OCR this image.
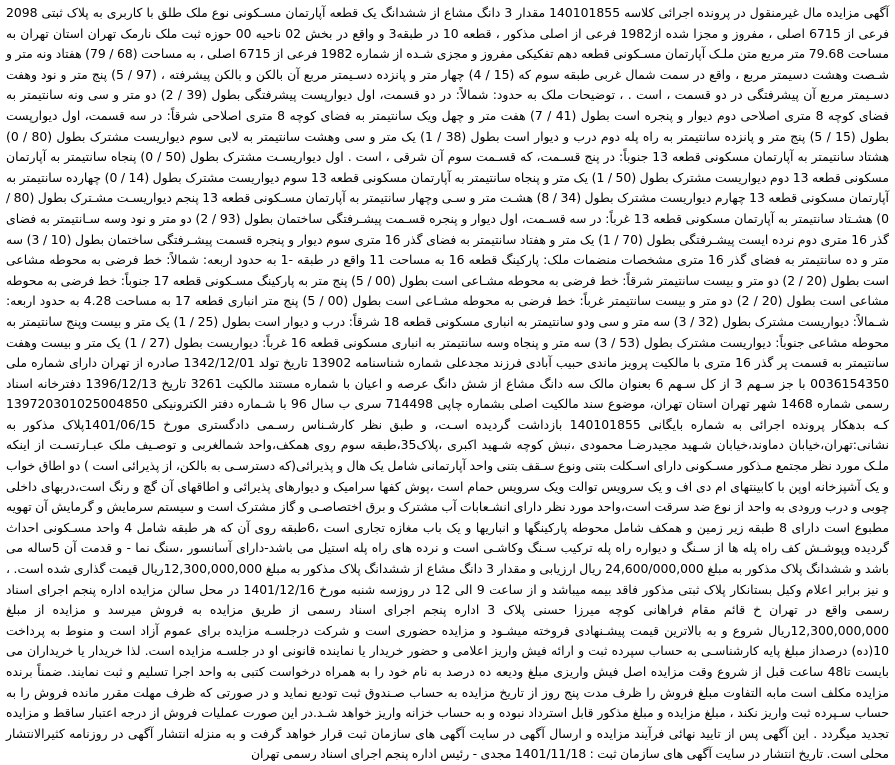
آگهی مزایده مال غیرمنقول در پرونده اجرائی کلاسه 140101855 مقدار 3 دانگ مشاع از ششدانگ یک قطعه آپارتمان مسـکونی نوع ملک طلق با کاربری به پلاک ثبتی 2098 فرعی از 6715 اصلی ، مفروز و مجزا شده از1982 فرعی از اصلی مذکور ، قطعه 10 در طبقه3 و واقع در بخش 02 ناحیه 00 حوزه ثبت ملک نارمک تهران استان تهران به مساحت 79.68 متر مربع متن ملـک آپارتمان مسـکونی قطعه دهم تفکیکی مفروز و مجزی شـده از شماره 1982 فرعی از 6715 اصلی ، به مساحت (68 / 79) هفتاد ونه متر و شـصت وهشت دسیمتر مربع ، واقع در سمت شمال غربی طبقه سوم که (15 / 4) چهار متر و پانزده دسـیمتر مربع آن بالکن و بالکن پیشرفته ، (97 / 5) پنج متر و نود وهفت دسـیمتر مربع آن پیشرفتگی در دو قسمت ، است . ، توضیحات ملک به حدود: شمالاً: در دو قسمت، اول دیوارپست پیشرفتگی بطول (39 / 2) دو متر و سی ونه سانتیمتر به فضای کوچه 8 متری اصلاحی دوم دیوار و پنجره است بطول (41 / 7) هفت متر و چهل ویک سانتیمتر به فضای کوچه 8 متری اصلاحی شرقاً: در سه قسمت، اول دیوارپست بطول (15 / 5) پنج متر و پانزده سانتیمتر به راه پله دوم درب و دیوار است بطول (38 / 1) یک متر و سی وهشت سانتیمتر به لابی سوم دیواریست مشترک بطول (80 / 0) هشتاد سانتیمتر به آپارتمان مسکونی قطعه 13 جنوباً: در پنج قسـمت، که قسـمت سوم آن شرقی ، است . اول دیواریسـت مشترک بطول (50 / 0) پنجاه سانتیمتر به آپارتمان مسکونی قطعه 13 دوم دیواریست مشترک بطول (50 / 1) یک متر و پنجاه سانتیمتر به آپارتمان مسکونی قطعه 13 سوم دیواریست مشترک بطول (14 / 0) چهارده سانتیمتر به آپارتمان مسکونی قطعه 13 چهارم دیواریست مشترک بطول (34 / 8) هشـت متر و سـی وچهار سانتیمتر به آپارتمان مسـکونی قطعه 13 پنجم دیواریسـت مشـترک بطول (80 / 0) هشـتاد سانتیمتر به آپارتمان مسکونی قطعه 13 غرباً: در سه قسـمت، اول دیوار و پنجره قسـمت پیشـرفتگی ساختمان بطول (93 / 2) دو متر و نود وسه سـانتیمتر به فضای گذر 16 متری دوم نرده ایست پیشـرفتگی بطول (70 / 1) یک متر و هفتاد سانتیمتر به فضای گذر 16 متری سوم دیوار و پنجره قسمت پیشـرفتگی ساختمان بطول (10 / 3) سه متر و ده سانتیمتر به فضای گذر 16 متری مشخصات منضمات ملک: پارکینگ قطعه 16 به مساحت 11 واقع در طبقه -1 به حدود اربعه: شمالاً: خط فرضی به محوطه مشاعی است بطول (20 / 2) دو متر و بیست سانتیمتر شرقاً: خط فرضی به محوطه مشـاعی است بطول (00 / 5) پنج متر به پارکینگ مسـکونی قطعه 17 جنوباً: خط فرضی به محوطه مشاعی است بطول (20 / 2) دو متر و بیست سانتیمتر غرباً: خط فرضی به محوطه مشـاعی است بطول (00 / 5) پنج متر انباری قطعه 17 به مساحت 4.28 به حدود اربعه: شـمالاً: دیواریست مشترک بطول (32 / 3) سه متر و سی ودو سانتیمتر به انباری مسکونی قطعه 18 شرقاً: درب و دیوار است بطول (25 / 1) یک متر و بیست وپنج سانتیمتر به محوطه مشاعی جنوباً: دیواریست مشترک بطول (53 / 3) سه متر و پنجاه وسه سانتیمتر به انباری مسکونی قطعه 16 غرباً: دیواریست بطول (27 / 1) یک متر و بیست وهفت سانتیمتر به قسمت پر گذر 16 متری با مالکیت پرویز ماندی حبیب آبادی فرزند مجدعلی شماره شناسنامه 13902 تاریخ تولد 1342/12/01 صادره از تهران دارای شماره ملی 0036154350 با جز سـهم 3 از کل سـهم 6 بعنوان مالک سه دانگ مشاع از شش دانگ عرصه و اعیان با شماره مستند مالکیت 3261 تاریخ 1396/12/13 دفترخانه اسناد رسمی شماره 1468 شهر تهران استان تهران، موضوع سند مالکیت اصلی بشماره چاپی 714498 سری ب سال 96 با شـماره دفتر الکترونیکی 139720301025004850 کـه بدهکار پرونده اجرائی به شماره بایگانی 140101855 بازداشت گردیده اسـت، و طبق نظر کارشـناس رسـمی دادگستری مورخ 1401/06/15پلاک مذکور به نشانی:تهران،خیابان دماوند،خیابان شـهید مجیدرضـا محمودی ،نبش کوچه شـهید اکبری ،پلاک35،طبقه سوم روی همکف،واحد شمالغربی و توصـیف ملک عبـارتسـت از اینکه ملـک مورد نظر مجتمع مـذکور مسـکونی دارای اسـکلت بتنی ونوع سـقف بتنی واحد آپارتمانی شامل یک هال و پذیرائی(که دسترسـی به بالکن، از پذیرائی است ) دو اطاق خواب و یک آشپزخانه اوپن با کابینتهای ام دی اف و یک سرویس توالت ویک سرویس حمام است ،پوش کفها سرامیک و دیوارهای پذیرائی و اطاقهای آن گچ و رنگ است،دربهای داخلی چوبی و درب ورودی به واحد از نوع ضد سرقت است،واحد مورد نظر دارای انشـعابات آب مشترک و برق اختصاصـی و گاز مشترک است و سیستم سرمایش و گرمایش آن تهویه مطبوع است دارای 8 طبقه زیر زمین و همکف شامل محوطه پارکینگها و انباریها و یک باب مغازه تجاری است ،6طبقه روی آن که هر طبقه شامل 4 واحد مسـکونی احداث گردیده وپوشـش کف راه پله ها از سـنگ و دیواره راه پله ترکیب سـنگ وکاشـی است و نرده های راه پله استیل می باشد-دارای آسانسور ،سنگ نما - و قدمت آن 5ساله می باشد و ششدانگ پلاک مذکور به مبلغ 24,600/000,000 ریال ارزیابی و مقدار 3 دانگ مشاع از ششدانگ پلاک مذکور به مبلغ 12,300,000,000ریال قیمت گذاری شده است. ، و نیز برابر اعلام وکیل بستانکار پلاک ثبتی مذکور فاقد بیمه میباشد و از ساعت 9 الی 12 در روزسه شنبه مورخ 1401/12/16 در محل سالن مزایده اداره پنجم اجرای اسناد رسمی واقع در تهران خ قائم مقام فراهانی کوچه میرزا حسنی پلاک 3 اداره پنجم اجرای اسناد رسمی از طریق مزایده به فروش میرسد و مزایده از مبلغ 12,300,000,000ریال شروع و به بالاترین قیمت پیشـنهادی فروخته میشـود و مزایده حضوری است و شرکت درجلسـه مزایده برای عموم آزاد است و منوط به پرداخت 10(ده) درصداز مبلغ پایه کارشناسـی به حساب سپرده ثبت و ارائه فیش واریز اعلامی و حضور خریدار یا نماینده قانونی او در جلسـه مزایده است. لذا خریدار یا خریداران می بایست تا48 ساعت قبل از شروع وقت مزایده اصل فیش واریزی مبلغ ودیعه ده درصد به نام خود را به همراه درخواست کتبی به واحد اجرا تسلیم و ثبت نمایند. ضمناً برنده مزایده مکلف است مابه التفاوت مبلغ فروش را ظرف مدت پنج روز از تاریخ مزایده به حساب صـندوق ثبت تودیع نماید و در صورتی که ظرف مهلت مقرر مانده فروش را به حساب سـپرده ثبت واریز نکند ، مبلغ مزایده و مبلغ مذکور قابل استرداد نبوده و به حساب خزانه واریز خواهد شـد.در این صورت عملیات فروش از درجه اعتبار ساقط و مزایده تجدید میگردد . این آگهی پس از تایید نهائی فرآیند مزایده و ارسال آگهی در سایت آگهی های سازمان ثبت قرار خواهد گرفت و به منزله انتشار آگهی در روزنامه کثیرالانتشار محلی است. تاریخ انتشار در سایت آگهی های سازمان ثبت : 1401/11/18 مجدی - رئیس اداره پنجم اجرای اسناد رسمی تهران
